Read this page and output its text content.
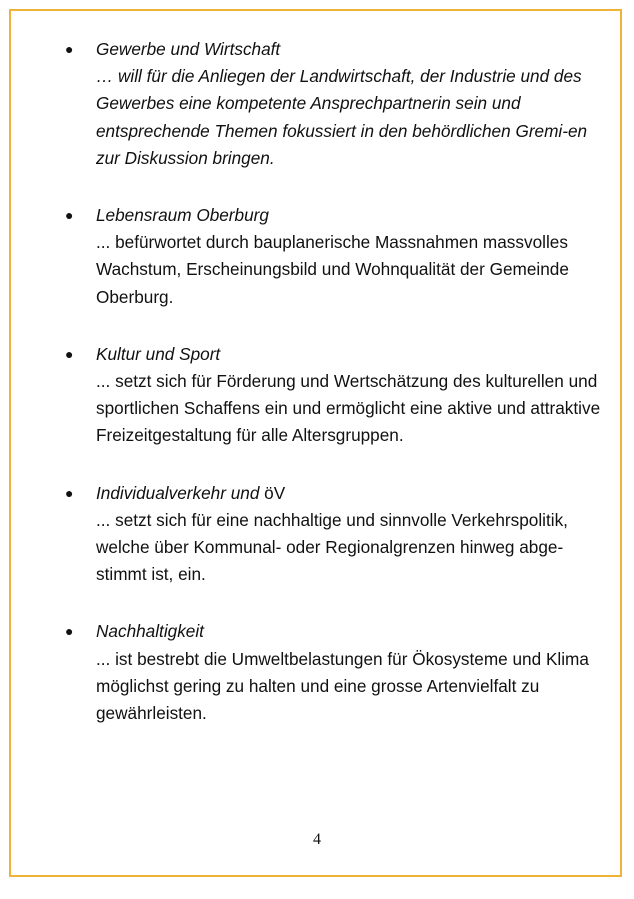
● Gewerbe und Wirtschaft
… will für die Anliegen der Landwirtschaft, der Industrie und des Gewerbes eine kompetente Ansprechpartnerin sein und entsprechende Themen fokussiert in den behördlichen Gremi-en zur Diskussion bringen.
● Lebensraum Oberburg
... befürwortet durch bauplanerische Massnahmen massvolles Wachstum, Erscheinungsbild und Wohnqualität der Gemeinde Oberburg.
● Kultur und Sport
... setzt sich für Förderung und Wertschätzung des kulturellen und sportlichen Schaffens ein und ermöglicht eine aktive und attraktive Freizeitgestaltung für alle Altersgruppen.
● Individualverkehr und öV
... setzt sich für eine nachhaltige und sinnvolle Verkehrspolitik, welche über Kommunal- oder Regionalgrenzen hinweg abge-stimmt ist, ein.
● Nachhaltigkeit
... ist bestrebt die Umweltbelastungen für Ökosysteme und Klima möglichst gering zu halten und eine grosse Artenvielfalt zu gewährleisten.
4
